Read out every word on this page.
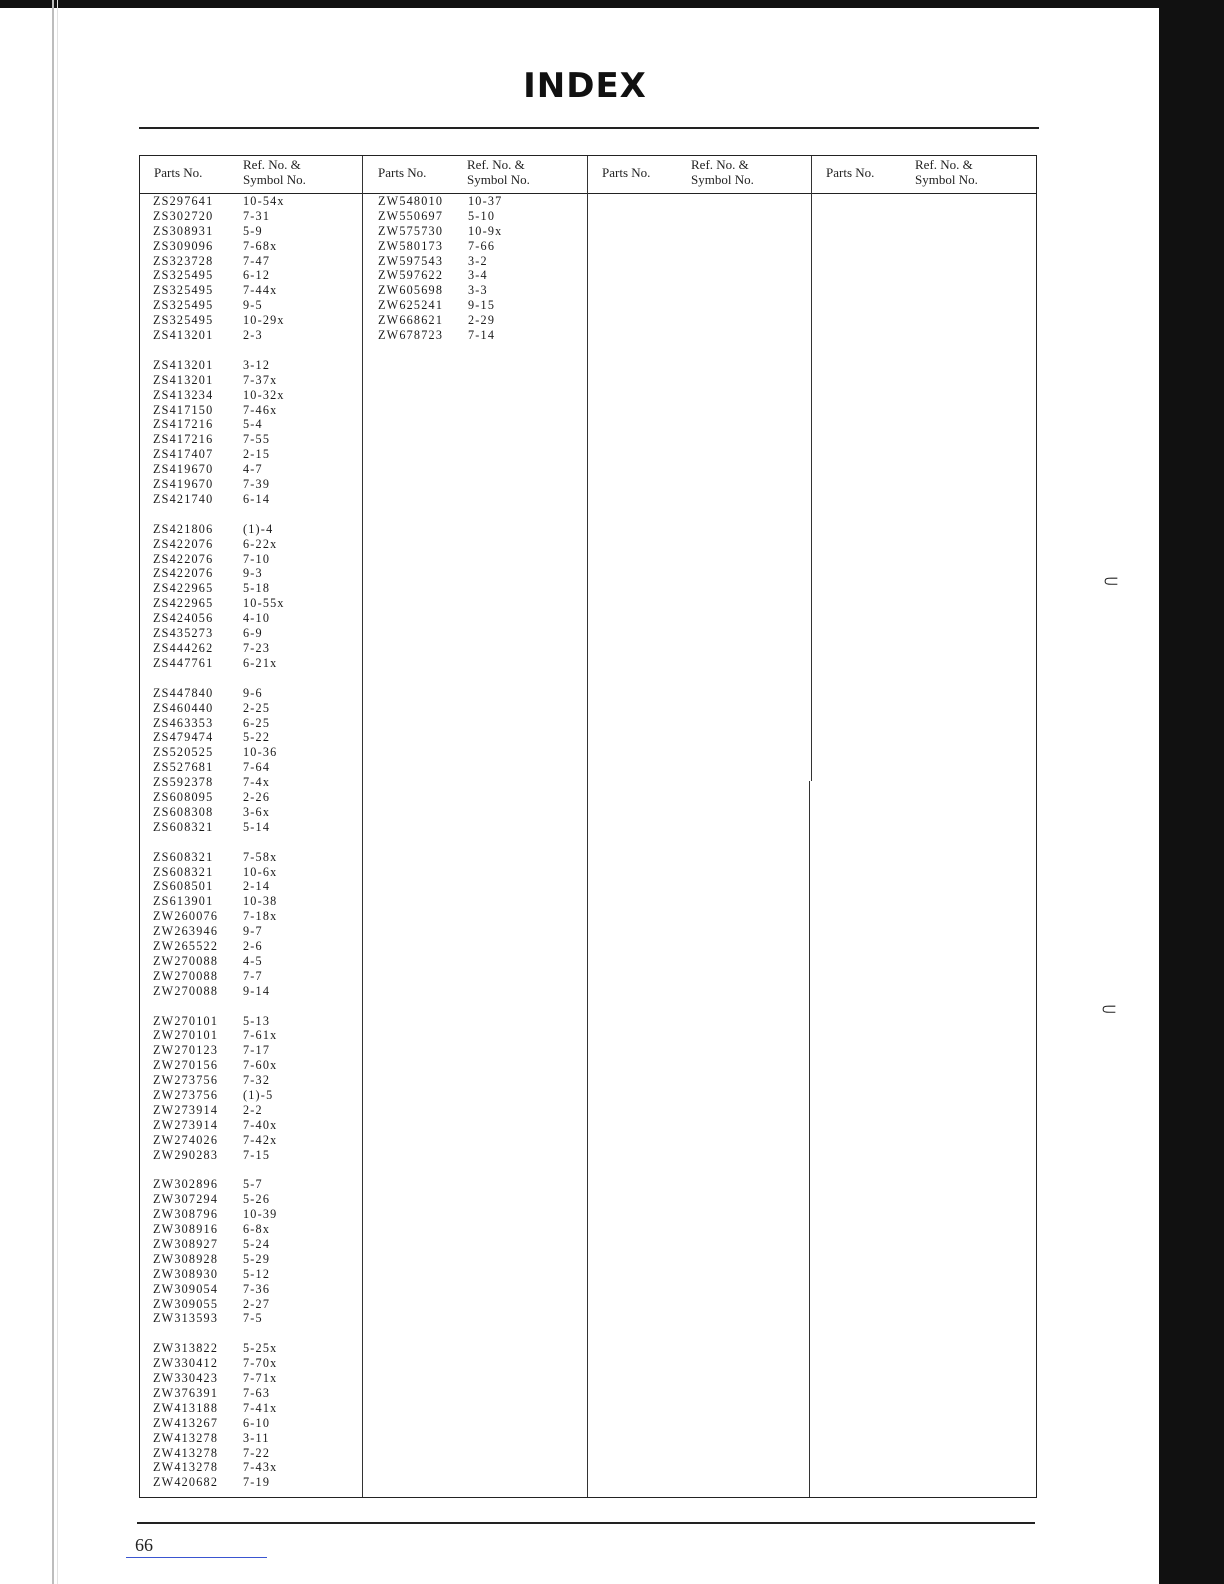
⸦
⸦
INDEX
Parts No.
Ref. No. &
Symbol No.	Parts No.
Ref. No. &
Symbol No.	Parts No.
Ref. No. &
Symbol No.	Parts No.
Ref. No. &
Symbol No.
ZS297641	10-54x
ZS302720	7-31
ZS308931	5-9
ZS309096	7-68x
ZS323728	7-47
ZS325495	6-12
ZS325495	7-44x
ZS325495	9-5
ZS325495	10-29x
ZS413201	2-3
ZS413201	3-12
ZS413201	7-37x
ZS413234	10-32x
ZS417150	7-46x
ZS417216	5-4
ZS417216	7-55
ZS417407	2-15
ZS419670	4-7
ZS419670	7-39
ZS421740	6-14
ZS421806	(1)-4
ZS422076	6-22x
ZS422076	7-10
ZS422076	9-3
ZS422965	5-18
ZS422965	10-55x
ZS424056	4-10
ZS435273	6-9
ZS444262	7-23
ZS447761	6-21x
ZS447840	9-6
ZS460440	2-25
ZS463353	6-25
ZS479474	5-22
ZS520525	10-36
ZS527681	7-64
ZS592378	7-4x
ZS608095	2-26
ZS608308	3-6x
ZS608321	5-14
ZS608321	7-58x
ZS608321	10-6x
ZS608501	2-14
ZS613901	10-38
ZW260076	7-18x
ZW263946	9-7
ZW265522	2-6
ZW270088	4-5
ZW270088	7-7
ZW270088	9-14
ZW270101	5-13
ZW270101	7-61x
ZW270123	7-17
ZW270156	7-60x
ZW273756	7-32
ZW273756	(1)-5
ZW273914	2-2
ZW273914	7-40x
ZW274026	7-42x
ZW290283	7-15
ZW302896	5-7
ZW307294	5-26
ZW308796	10-39
ZW308916	6-8x
ZW308927	5-24
ZW308928	5-29
ZW308930	5-12
ZW309054	7-36
ZW309055	2-27
ZW313593	7-5
ZW313822	5-25x
ZW330412	7-70x
ZW330423	7-71x
ZW376391	7-63
ZW413188	7-41x
ZW413267	6-10
ZW413278	3-11
ZW413278	7-22
ZW413278	7-43x
ZW420682	7-19
ZW548010	10-37
ZW550697	5-10
ZW575730	10-9x
ZW580173	7-66
ZW597543	3-2
ZW597622	3-4
ZW605698	3-3
ZW625241	9-15
ZW668621	2-29
ZW678723	7-14
66
